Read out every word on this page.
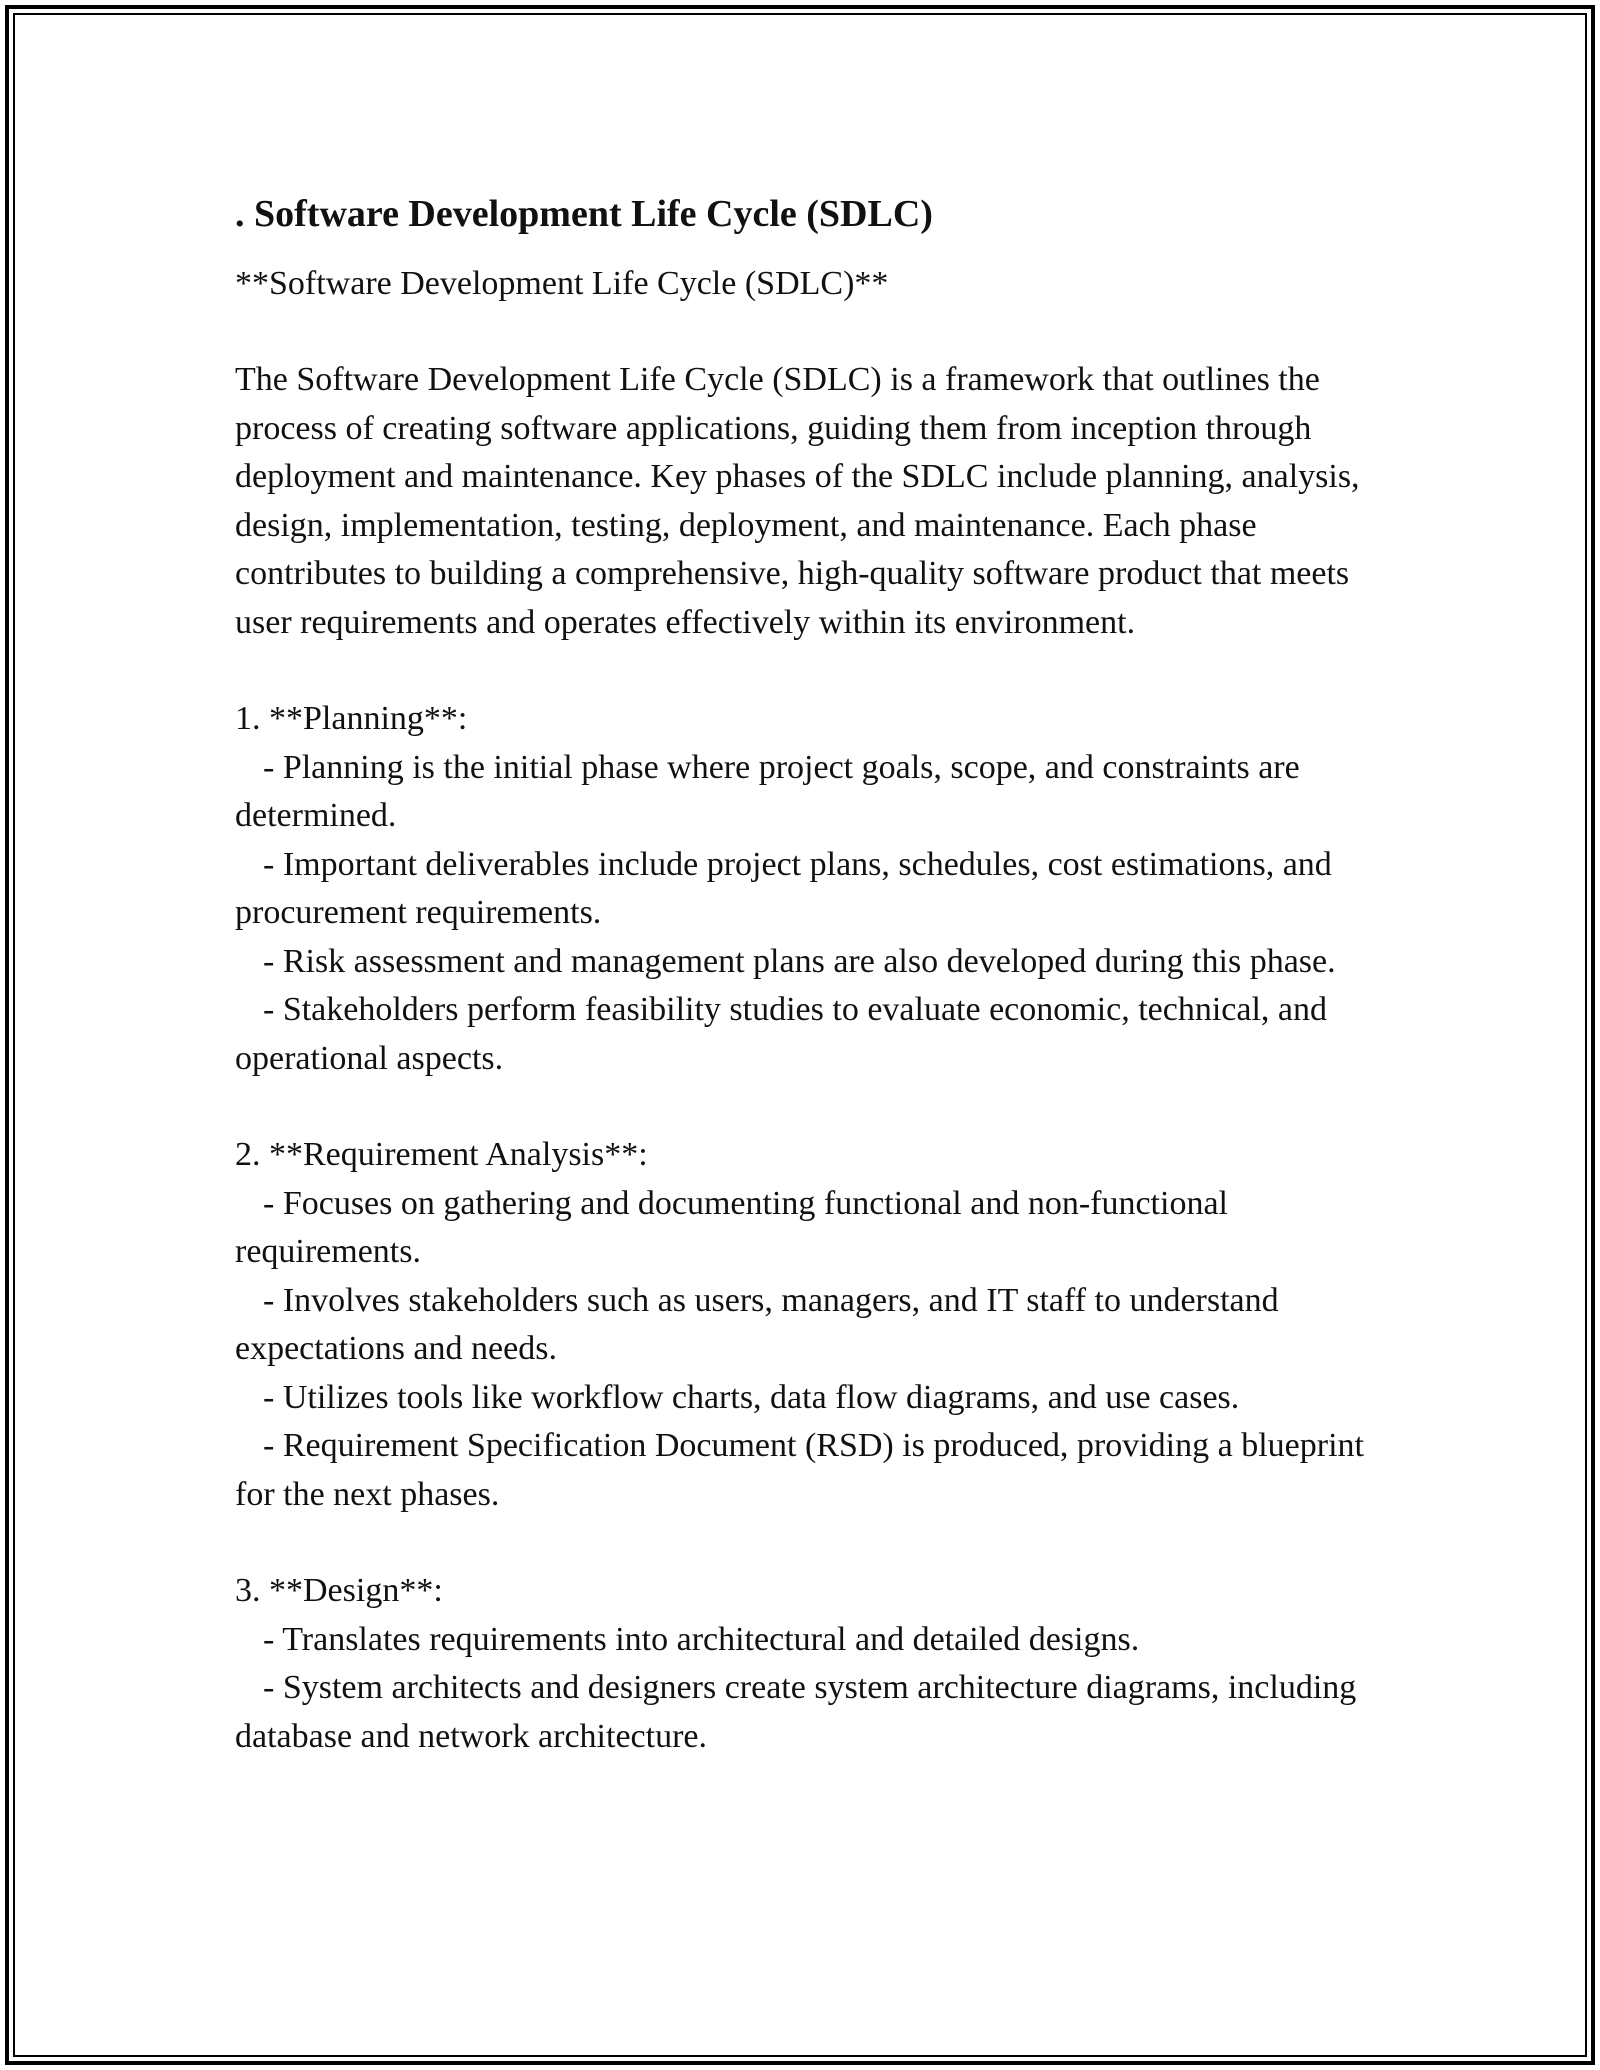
. Software Development Life Cycle (SDLC)

**Software Development Life Cycle (SDLC)**

The Software Development Life Cycle (SDLC) is a framework that outlines the process of creating software applications, guiding them from inception through deployment and maintenance. Key phases of the SDLC include planning, analysis, design, implementation, testing, deployment, and maintenance. Each phase contributes to building a comprehensive, high-quality software product that meets user requirements and operates effectively within its environment.

1. **Planning**:

- Planning is the initial phase where project goals, scope, and constraints are determined.

- Important deliverables include project plans, schedules, cost estimations, and procurement requirements.

- Risk assessment and management plans are also developed during this phase.

- Stakeholders perform feasibility studies to evaluate economic, technical, and operational aspects.

2. **Requirement Analysis**:

- Focuses on gathering and documenting functional and non-functional requirements.

- Involves stakeholders such as users, managers, and IT staff to understand expectations and needs.

- Utilizes tools like workflow charts, data flow diagrams, and use cases.

- Requirement Specification Document (RSD) is produced, providing a blueprint for the next phases.

3. **Design**:

- Translates requirements into architectural and detailed designs.

- System architects and designers create system architecture diagrams, including database and network architecture.
